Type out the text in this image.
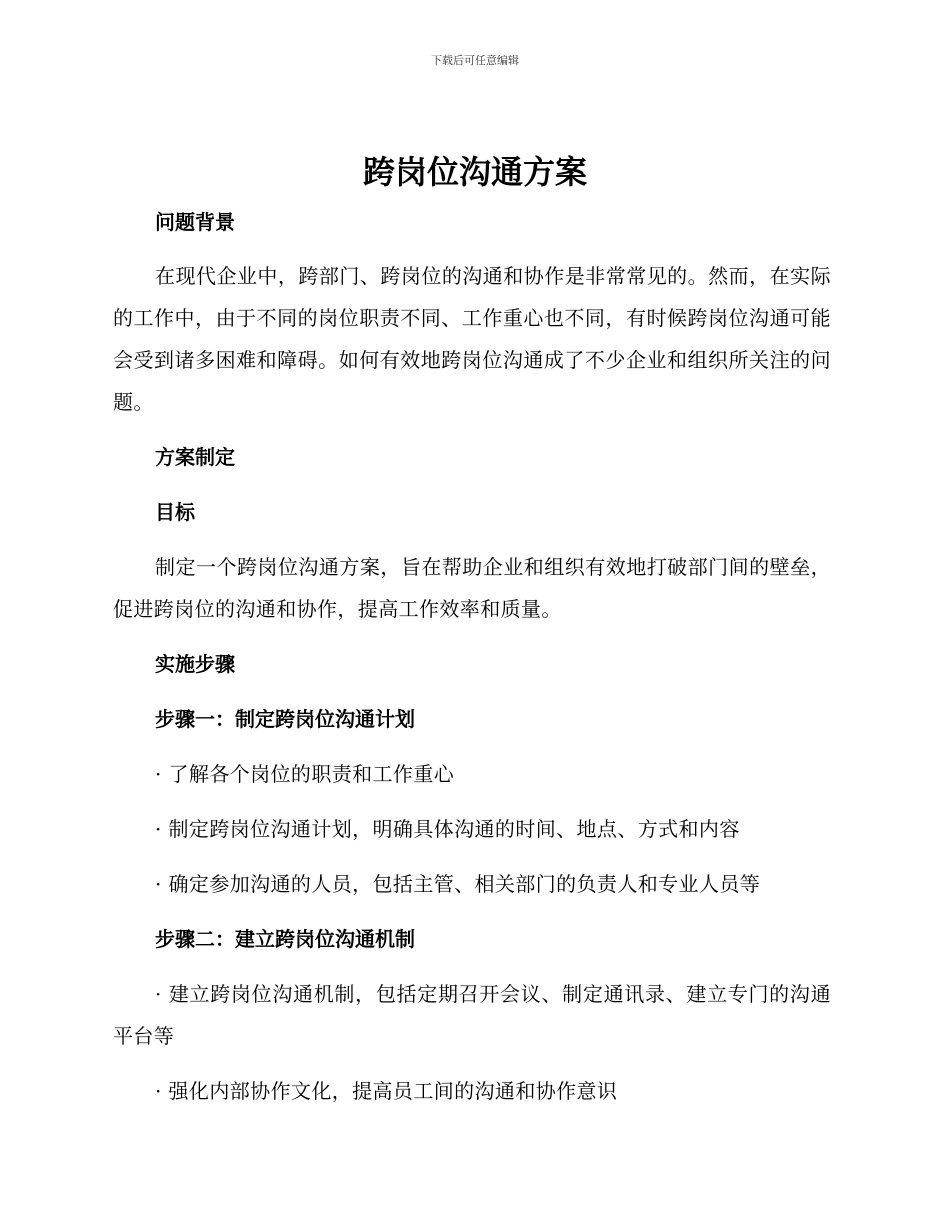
下载后可任意编辑
跨岗位沟通方案
问题背景

在现代企业中，跨部门、跨岗位的沟通和协作是非常常见的。然而，在实际的工作中，由于不同的岗位职责不同、工作重心也不同，有时候跨岗位沟通可能会受到诸多困难和障碍。如何有效地跨岗位沟通成了不少企业和组织所关注的问题。

方案制定
目标

制定一个跨岗位沟通方案，旨在帮助企业和组织有效地打破部门间的壁垒，促进跨岗位的沟通和协作，提高工作效率和质量。

实施步骤
步骤一：制定跨岗位沟通计划

· 了解各个岗位的职责和工作重心

· 制定跨岗位沟通计划，明确具体沟通的时间、地点、方式和内容

· 确定参加沟通的人员，包括主管、相关部门的负责人和专业人员等

步骤二：建立跨岗位沟通机制

· 建立跨岗位沟通机制，包括定期召开会议、制定通讯录、建立专门的沟通平台等

· 强化内部协作文化，提高员工间的沟通和协作意识
